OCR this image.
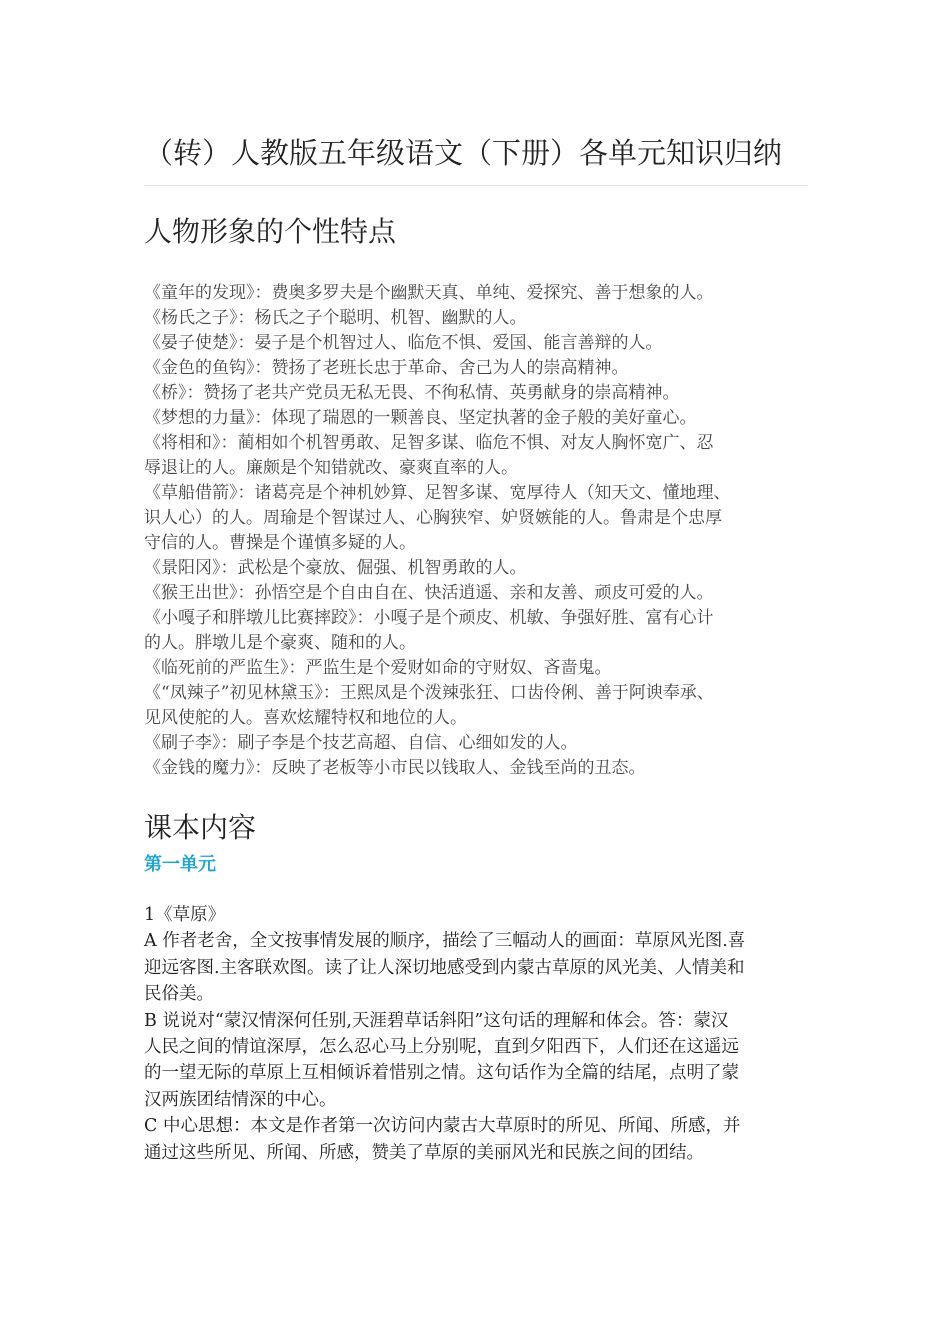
（转）人教版五年级语文（下册）各单元知识归纳
人物形象的个性特点
《童年的发现》：费奥多罗夫是个幽默天真、单纯、爱探究、善于想象的人。
《杨氏之子》：杨氏之子个聪明、机智、幽默的人。
《晏子使楚》：晏子是个机智过人、临危不惧、爱国、能言善辩的人。
《金色的鱼钩》：赞扬了老班长忠于革命、舍己为人的崇高精神。
《桥》：赞扬了老共产党员无私无畏、不徇私情、英勇献身的崇高精神。
《梦想的力量》：体现了瑞恩的一颗善良、坚定执著的金子般的美好童心。
《将相和》：蔺相如个机智勇敢、足智多谋、临危不惧、对友人胸怀宽广、忍
辱退让的人。廉颇是个知错就改、豪爽直率的人。
《草船借箭》：诸葛亮是个神机妙算、足智多谋、宽厚待人（知天文、懂地理、
识人心）的人。周瑜是个智谋过人、心胸狭窄、妒贤嫉能的人。鲁肃是个忠厚
守信的人。曹操是个谨慎多疑的人。
《景阳冈》：武松是个豪放、倔强、机智勇敢的人。
《猴王出世》：孙悟空是个自由自在、快活逍遥、亲和友善、顽皮可爱的人。
《小嘎子和胖墩儿比赛摔跤》：小嘎子是个顽皮、机敏、争强好胜、富有心计
的人。胖墩儿是个豪爽、随和的人。
《临死前的严监生》：严监生是个爱财如命的守财奴、吝啬鬼。
《“凤辣子”初见林黛玉》：王熙凤是个泼辣张狂、口齿伶俐、善于阿谀奉承、
见风使舵的人。喜欢炫耀特权和地位的人。
《刷子李》：刷子李是个技艺高超、自信、心细如发的人。
《金钱的魔力》：反映了老板等小市民以钱取人、金钱至尚的丑态。
课本内容
第一单元
1《草原》
A 作者老舍，全文按事情发展的顺序，描绘了三幅动人的画面：草原风光图.喜
迎远客图.主客联欢图。读了让人深切地感受到内蒙古草原的风光美、人情美和
民俗美。
B 说说对“蒙汉情深何任别,天涯碧草话斜阳”这句话的理解和体会。答：蒙汉
人民之间的情谊深厚，怎么忍心马上分别呢，直到夕阳西下，人们还在这遥远
的一望无际的草原上互相倾诉着惜别之情。这句话作为全篇的结尾，点明了蒙
汉两族团结情深的中心。
C 中心思想：本文是作者第一次访问内蒙古大草原时的所见、所闻、所感，并
通过这些所见、所闻、所感，赞美了草原的美丽风光和民族之间的团结。
